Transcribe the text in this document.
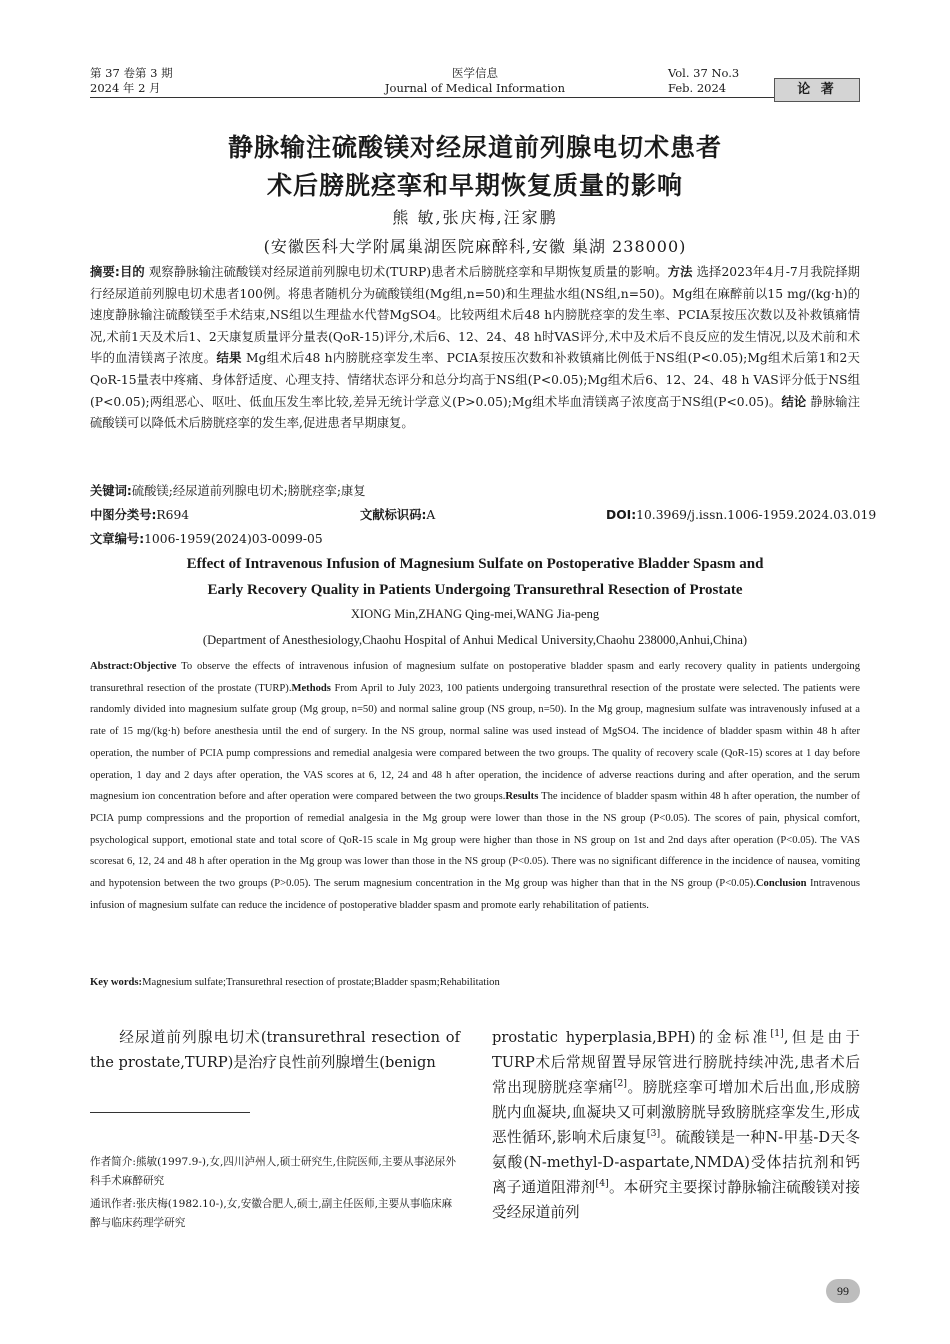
第 37 卷第 3 期
2024 年 2 月
医学信息
Journal of Medical Information
Vol. 37 No.3
Feb. 2024	论 著
静脉输注硫酸镁对经尿道前列腺电切术患者
术后膀胱痉挛和早期恢复质量的影响
熊 敏,张庆梅,汪家鹏
(安徽医科大学附属巢湖医院麻醉科,安徽 巢湖 238000)
摘要:目的 观察静脉输注硫酸镁对经尿道前列腺电切术(TURP)患者术后膀胱痉挛和早期恢复质量的影响。方法 选择2023年4月-7月我院择期行经尿道前列腺电切术患者100例。将患者随机分为硫酸镁组(Mg组,n=50)和生理盐水组(NS组,n=50)。Mg组在麻醉前以15 mg/(kg·h)的速度静脉输注硫酸镁至手术结束,NS组以生理盐水代替MgSO4。比较两组术后48 h内膀胱痉挛的发生率、PCIA泵按压次数以及补救镇痛情况,术前1天及术后1、2天康复质量评分量表(QoR-15)评分,术后6、12、24、48 h时VAS评分,术中及术后不良反应的发生情况,以及术前和术毕的血清镁离子浓度。结果 Mg组术后48 h内膀胱痉挛发生率、PCIA泵按压次数和补救镇痛比例低于NS组(P<0.05);Mg组术后第1和2天QoR-15量表中疼痛、身体舒适度、心理支持、情绪状态评分和总分均高于NS组(P<0.05);Mg组术后6、12、24、48 h VAS评分低于NS组(P<0.05);两组恶心、呕吐、低血压发生率比较,差异无统计学意义(P>0.05);Mg组术毕血清镁离子浓度高于NS组(P<0.05)。结论 静脉输注硫酸镁可以降低术后膀胱痉挛的发生率,促进患者早期康复。
关键词:硫酸镁;经尿道前列腺电切术;膀胱痉挛;康复
中图分类号:R694	文献标识码:A	DOI:10.3969/j.issn.1006-1959.2024.03.019
文章编号:1006-1959(2024)03-0099-05
Effect of Intravenous Infusion of Magnesium Sulfate on Postoperative Bladder Spasm and
Early Recovery Quality in Patients Undergoing Transurethral Resection of Prostate
XIONG Min,ZHANG Qing-mei,WANG Jia-peng
(Department of Anesthesiology,Chaohu Hospital of Anhui Medical University,Chaohu 238000,Anhui,China)
Abstract:Objective To observe the effects of intravenous infusion of magnesium sulfate on postoperative bladder spasm and early recovery quality in patients undergoing transurethral resection of the prostate (TURP).Methods From April to July 2023, 100 patients undergoing transurethral resection of the prostate were selected. The patients were randomly divided into magnesium sulfate group (Mg group, n=50) and normal saline group (NS group, n=50). In the Mg group, magnesium sulfate was intravenously infused at a rate of 15 mg/(kg·h) before anesthesia until the end of surgery. In the NS group, normal saline was used instead of MgSO4. The incidence of bladder spasm within 48 h after operation, the number of PCIA pump compressions and remedial analgesia were compared between the two groups. The quality of recovery scale (QoR-15) scores at 1 day before operation, 1 day and 2 days after operation, the VAS scores at 6, 12, 24 and 48 h after operation, the incidence of adverse reactions during and after operation, and the serum magnesium ion concentration before and after operation were compared between the two groups.Results The incidence of bladder spasm within 48 h after operation, the number of PCIA pump compressions and the proportion of remedial analgesia in the Mg group were lower than those in the NS group (P<0.05). The scores of pain, physical comfort, psychological support, emotional state and total score of QoR-15 scale in Mg group were higher than those in NS group on 1st and 2nd days after operation (P<0.05). The VAS scoresat 6, 12, 24 and 48 h after operation in the Mg group was lower than those in the NS group (P<0.05). There was no significant difference in the incidence of nausea, vomiting and hypotension between the two groups (P>0.05). The serum magnesium concentration in the Mg group was higher than that in the NS group (P<0.05).Conclusion Intravenous infusion of magnesium sulfate can reduce the incidence of postoperative bladder spasm and promote early rehabilitation of patients.
Key words:Magnesium sulfate;Transurethral resection of prostate;Bladder spasm;Rehabilitation
经尿道前列腺电切术(transurethral resection of the prostate,TURP)是治疗良性前列腺增生(benign
prostatic hyperplasia,BPH)的金标准[1],但是由于TURP术后常规留置导尿管进行膀胱持续冲洗,患者术后常出现膀胱痉挛痛[2]。膀胱痉挛可增加术后出血,形成膀胱内血凝块,血凝块又可刺激膀胱导致膀胱痉挛发生,形成恶性循环,影响术后康复[3]。硫酸镁是一种N-甲基-D天冬氨酸(N-methyl-D-aspartate,NMDA)受体拮抗剂和钙离子通道阻滞剂[4]。本研究主要探讨静脉输注硫酸镁对接受经尿道前列

作者简介:熊敏(1997.9-),女,四川泸州人,硕士研究生,住院医师,主要从事泌尿外科手术麻醉研究

通讯作者:张庆梅(1982.10-),女,安徽合肥人,硕士,副主任医师,主要从事临床麻醉与临床药理学研究

99
